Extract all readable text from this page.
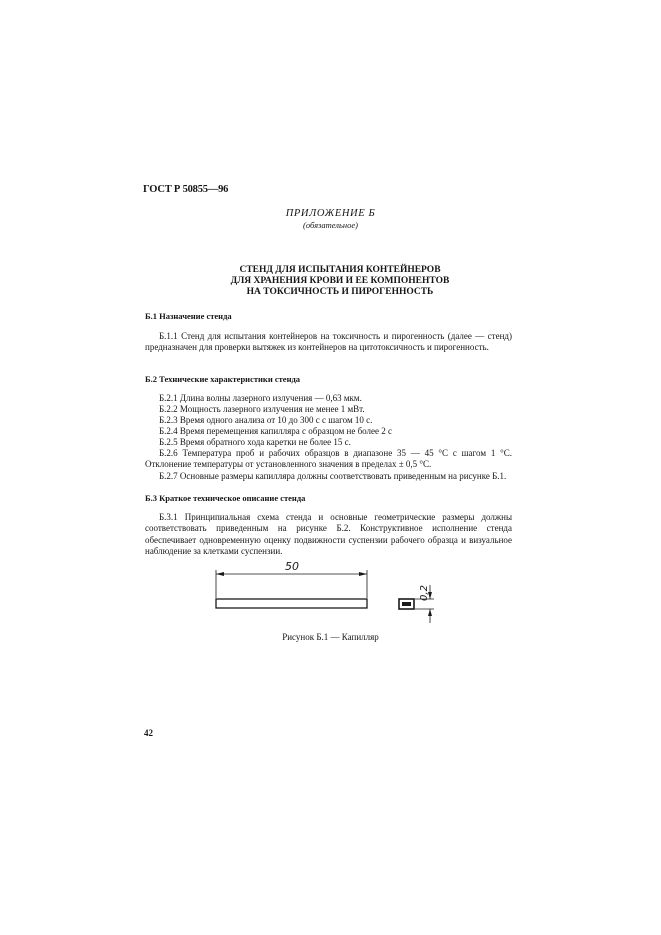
ГОСТ Р 50855—96
ПРИЛОЖЕНИЕ Б
(обязательное)
СТЕНД ДЛЯ ИСПЫТАНИЯ КОНТЕЙНЕРОВ
ДЛЯ ХРАНЕНИЯ КРОВИ И ЕЕ КОМПОНЕНТОВ
НА ТОКСИЧНОСТЬ И ПИРОГЕННОСТЬ
Б.1 Назначение стенда
Б.1.1 Стенд для испытания контейнеров на токсичность и пирогенность (далее — стенд) предназначен для проверки вытяжек из контейнеров на цитотоксичность и пирогенность.
Б.2 Технические характеристики стенда
Б.2.1 Длина волны лазерного излучения — 0,63 мкм.
Б.2.2 Мощность лазерного излучения не менее 1 мВт.
Б.2.3 Время одного анализа от 10 до 300 с с шагом 10 с.
Б.2.4 Время перемещения капилляра с образцом не более 2 с
Б.2.5 Время обратного хода каретки не более 15 с.
Б.2.6 Температура проб и рабочих образцов в диапазоне 35 — 45 °С с шагом 1 °С. Отклонение температуры от установленного значения в пределах ± 0,5 °С.
Б.2.7 Основные размеры капилляра должны соответствовать приведенным на рисунке Б.1.
Б.3 Краткое техническое описание стенда
Б.3.1 Принципиальная схема стенда и основные геометрические размеры должны соответствовать приведенным на рисунке Б.2. Конструктивное исполнение стенда обеспечивает одновременную оценку подвижности суспензии рабочего образца и визуальное наблюдение за клетками суспензии.
50
0,2
Рисунок Б.1 — Капилляр
42
